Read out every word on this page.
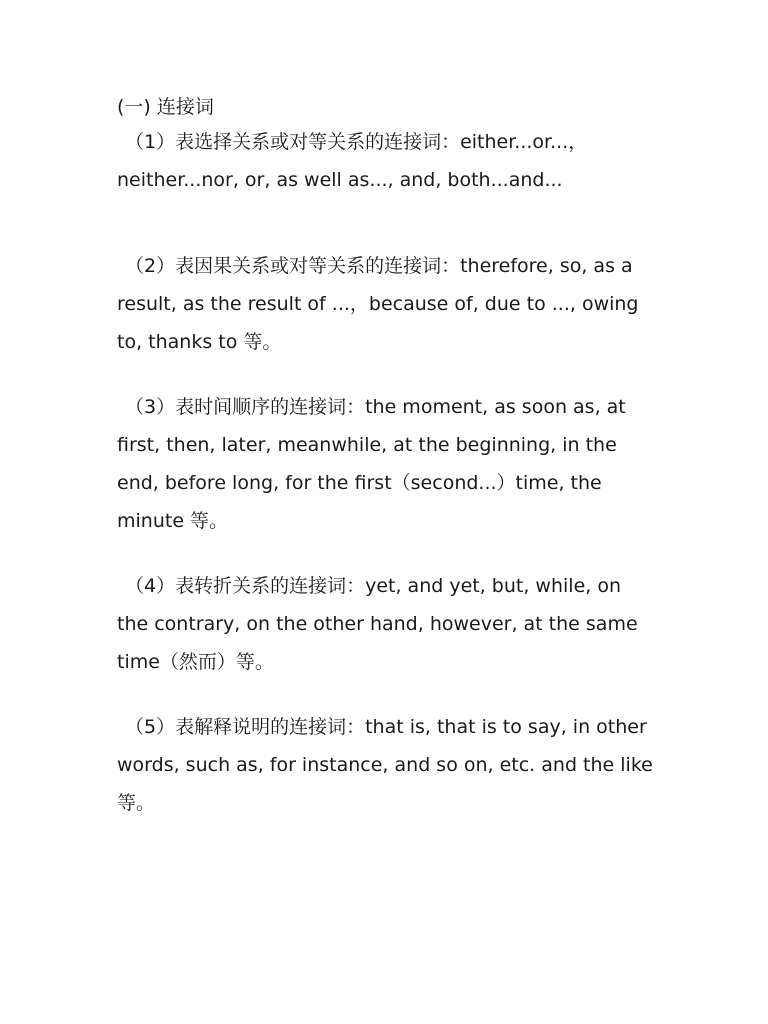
(一) 连接词

（1）表选择关系或对等关系的连接词：either...or...，neither...nor, or, as well as..., and, both...and...

（2）表因果关系或对等关系的连接词：therefore, so, as a result, as the result of ...，because of, due to ..., owing to, thanks to 等。

（3）表时间顺序的连接词：the moment, as soon as, at first, then, later, meanwhile, at the beginning, in the end, before long, for the first（second...）time, the minute 等。

（4）表转折关系的连接词：yet, and yet, but, while, on the contrary, on the other hand, however, at the same time（然而）等。

（5）表解释说明的连接词：that is, that is to say, in other words, such as, for instance, and so on, etc. and the like 等。
